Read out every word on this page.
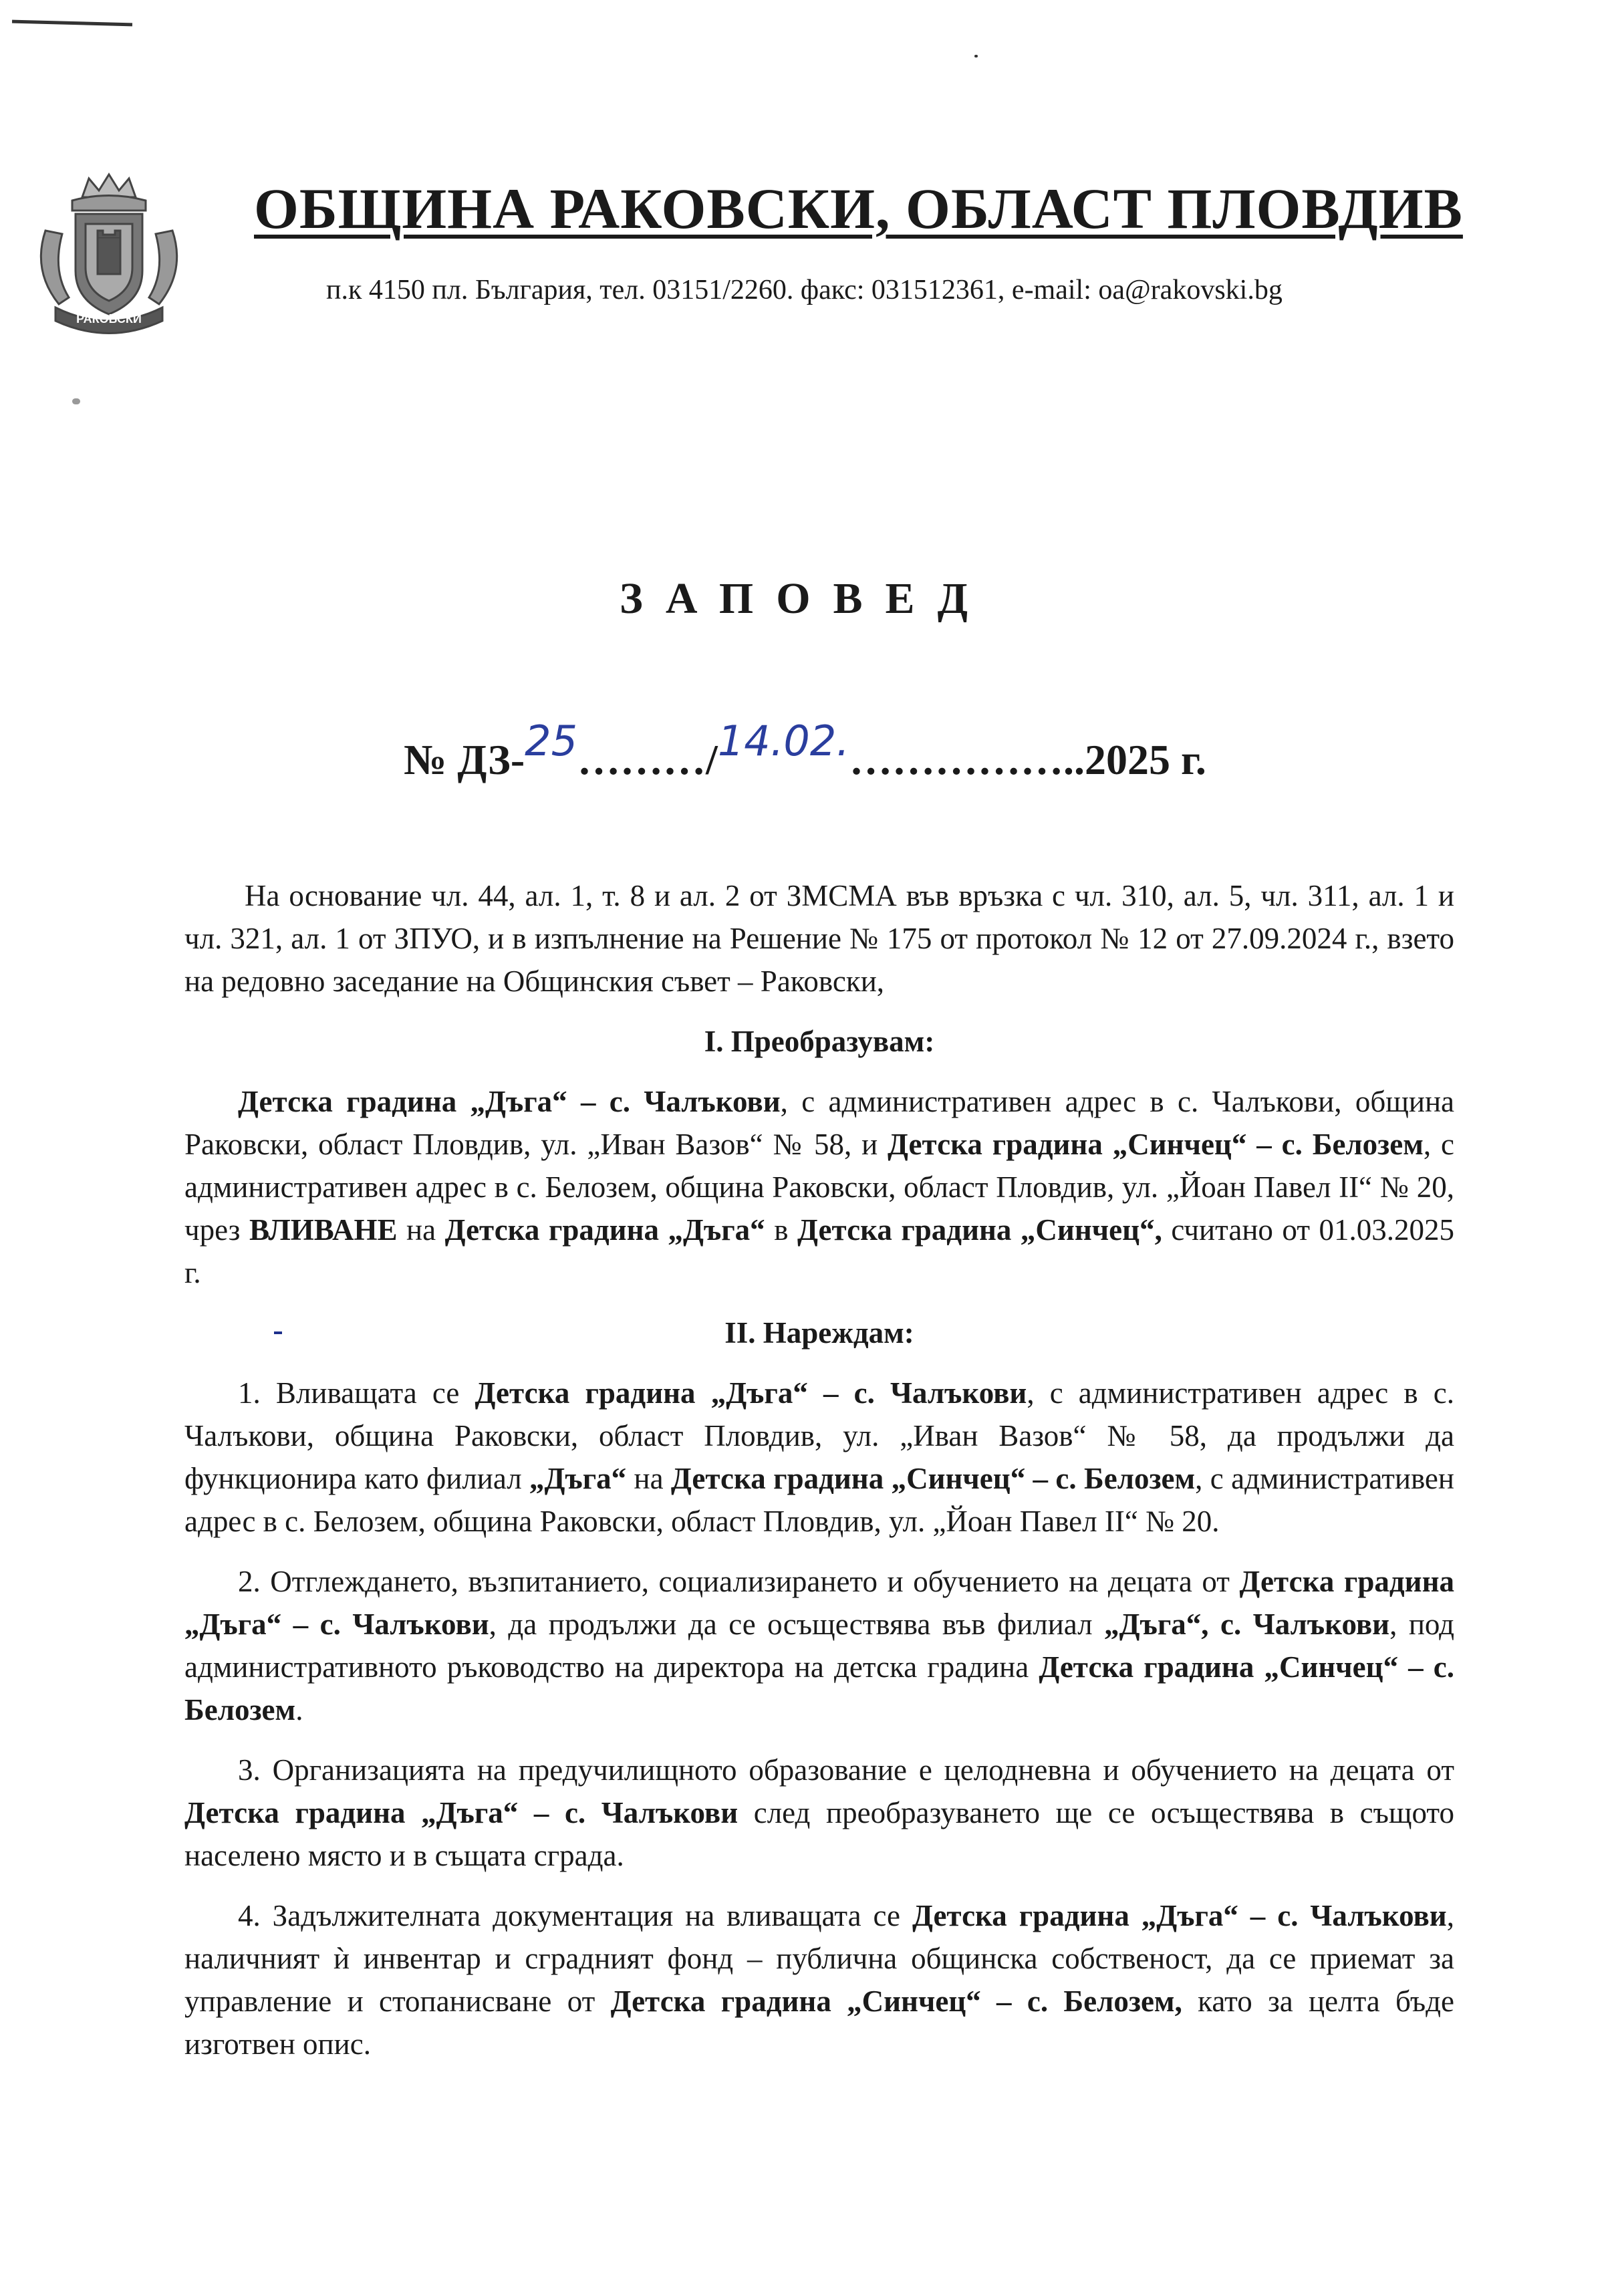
РАКОВСКИ
ОБЩИНА РАКОВСКИ, ОБЛАСТ ПЛОВДИВ
п.к 4150 пл. България, тел. 03151/2260. факс: 031512361, e-mail: oa@rakovski.bg
ЗАПОВЕД
№ ДЗ-25………/14.02.……………..2025 г.

На основание чл. 44, ал. 1, т. 8 и ал. 2 от ЗМСМА във връзка с чл. 310, ал. 5, чл. 311, ал. 1 и чл. 321, ал. 1 от ЗПУО, и в изпълнение на Решение № 175 от протокол № 12 от 27.09.2024 г., взето на редовно заседание на Общинския съвет – Раковски,

I. Преобразувам:

Детска градина „Дъга“ – с. Чалъкови, с административен адрес в с. Чалъкови, община Раковски, област Пловдив, ул. „Иван Вазов“ № 58, и Детска градина „Синчец“ – с. Белозем, с административен адрес в с. Белозем, община Раковски, област Пловдив, ул. „Йоан Павел II“ № 20, чрез ВЛИВАНЕ на Детска градина „Дъга“ в Детска градина „Синчец“, считано от 01.03.2025 г.

II. Нареждам:

1. Вливащата се Детска градина „Дъга“ – с. Чалъкови, с административен адрес в с. Чалъкови, община Раковски, област Пловдив, ул. „Иван Вазов“ № 58, да продължи да функционира като филиал „Дъга“ на Детска градина „Синчец“ – с. Белозем, с административен адрес в с. Белозем, община Раковски, област Пловдив, ул. „Йоан Павел II“ № 20.

2. Отглеждането, възпитанието, социализирането и обучението на децата от Детска градина „Дъга“ – с. Чалъкови, да продължи да се осъществява във филиал „Дъга“, с. Чалъкови, под административното ръководство на директора на детска градина Детска градина „Синчец“ – с. Белозем.

3. Организацията на предучилищното образование е целодневна и обучението на децата от Детска градина „Дъга“ – с. Чалъкови след преобразуването ще се осъществява в същото населено място и в същата сграда.

4. Задължителната документация на вливащата се Детска градина „Дъга“ – с. Чалъкови, наличният ѝ инвентар и сградният фонд – публична общинска собственост, да се приемат за управление и стопанисване от Детска градина „Синчец“ – с. Белозем, като за целта бъде изготвен опис.
